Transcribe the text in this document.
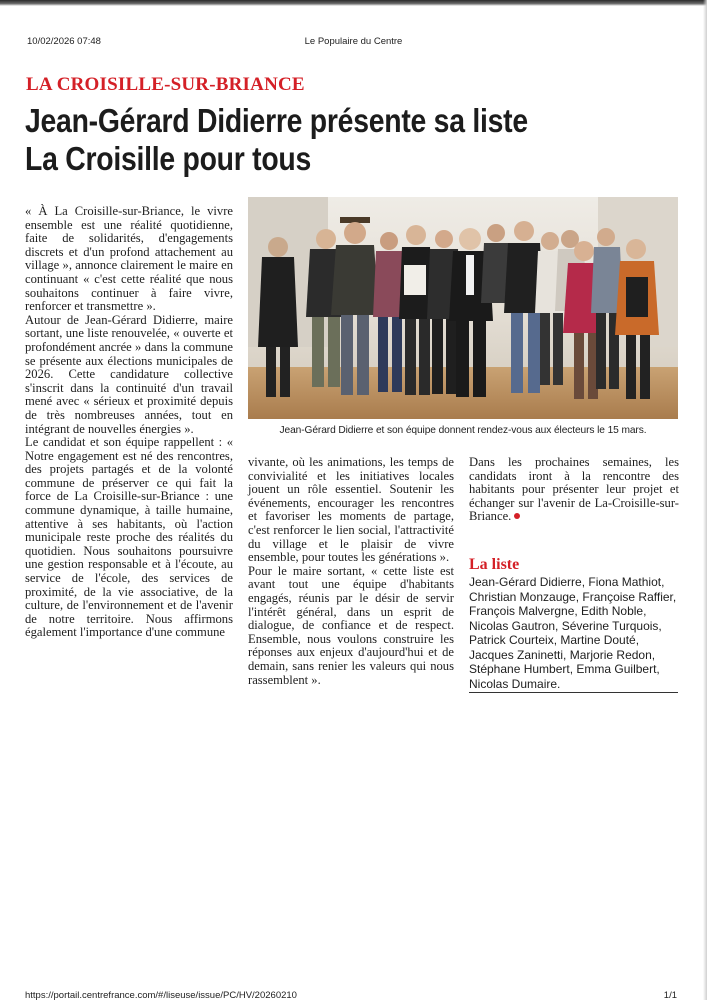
10/02/2026 07:48	Le Populaire du Centre
LA CROISILLE-SUR-BRIANCE
Jean-Gérard Didierre présente sa liste
La Croisille pour tous

« À La Croisille-sur-Briance, le vivre ensemble est une réalité quotidienne, faite de solidarités, d'engagements discrets et d'un profond attachement au village », annonce clairement le maire en continuant « c'est cette réalité que nous souhaitons continuer à faire vivre, renforcer et transmettre ».

Autour de Jean-Gérard Didierre, maire sortant, une liste renouvelée, « ouverte et profondément ancrée » dans la commune se présente aux élections municipales de 2026. Cette candidature collective s'inscrit dans la continuité d'un travail mené avec « sérieux et proximité depuis de très nombreuses années, tout en intégrant de nouvelles énergies ».

Le candidat et son équipe rappellent : « Notre engagement est né des rencontres, des projets partagés et de la volonté commune de préserver ce qui fait la force de La Croisille-sur-Briance : une commune dynamique, à taille humaine, attentive à ses habitants, où l'action municipale reste proche des réalités du quotidien. Nous souhaitons poursuivre une gestion responsable et à l'écoute, au service de l'école, des services de proximité, de la vie associative, de la culture, de l'environnement et de l'avenir de notre territoire. Nous affirmons également l'importance d'une commune

Jean-Gérard Didierre et son équipe donnent rendez-vous aux électeurs le 15 mars.

vivante, où les animations, les temps de convivialité et les initiatives locales jouent un rôle essentiel. Soutenir les événements, encourager les rencontres et favoriser les moments de partage, c'est renforcer le lien social, l'attractivité du village et le plaisir de vivre ensemble, pour toutes les générations ».

Pour le maire sortant, « cette liste est avant tout une équipe d'habitants engagés, réunis par le désir de servir l'intérêt général, dans un esprit de dialogue, de confiance et de respect. Ensemble, nous voulons construire les réponses aux enjeux d'aujourd'hui et de demain, sans renier les valeurs qui nous rassemblent ».

Dans les prochaines semaines, les candidats iront à la rencontre des habitants pour présenter leur projet et échanger sur l'avenir de La-Croisille-sur-Briance.

La liste
Jean-Gérard Didierre, Fiona Mathiot, Christian Monzauge, Françoise Raffier, François Malvergne, Edith Noble, Nicolas Gautron, Séverine Turquois, Patrick Courteix, Martine Douté, Jacques Zaninetti, Marjorie Redon, Stéphane Humbert, Emma Guilbert, Nicolas Dumaire.
https://portail.centrefrance.com/#/liseuse/issue/PC/HV/20260210	1/1
